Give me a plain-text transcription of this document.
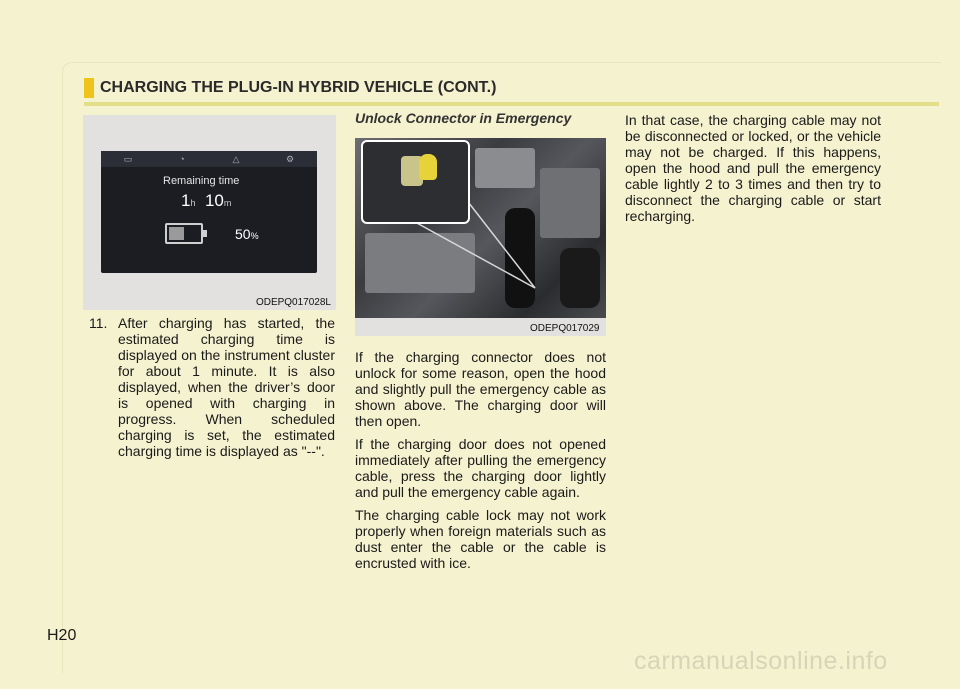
CHARGING THE PLUG-IN HYBRID VEHICLE (CONT.)
▭	◔	△	⚙
Remaining time
1h 10m
50%
ODEPQ017028L
11. After charging has started, the estimated charging time is displayed on the instrument cluster for about 1 minute. It is also displayed, when the driver’s door is opened with charging in progress. When scheduled charging is set, the estimated charging time is displayed as "--".
Unlock Connector in Emergency
ODEPQ017029

If the charging connector does not unlock for some reason, open the hood and slightly pull the emergency cable as shown above. The charging door will then open.

If the charging door does not opened immediately after pulling the emergency cable, press the charging door lightly and pull the emergency cable again.

The charging cable lock may not work properly when foreign materials such as dust enter the cable or the cable is encrusted with ice.

In that case, the charging cable may not be disconnected or locked, or the vehicle may not be charged. If this happens, open the hood and pull the emergency cable lightly 2 to 3 times and then try to disconnect the charging cable or start recharging.

H20
carmanualsonline.info
